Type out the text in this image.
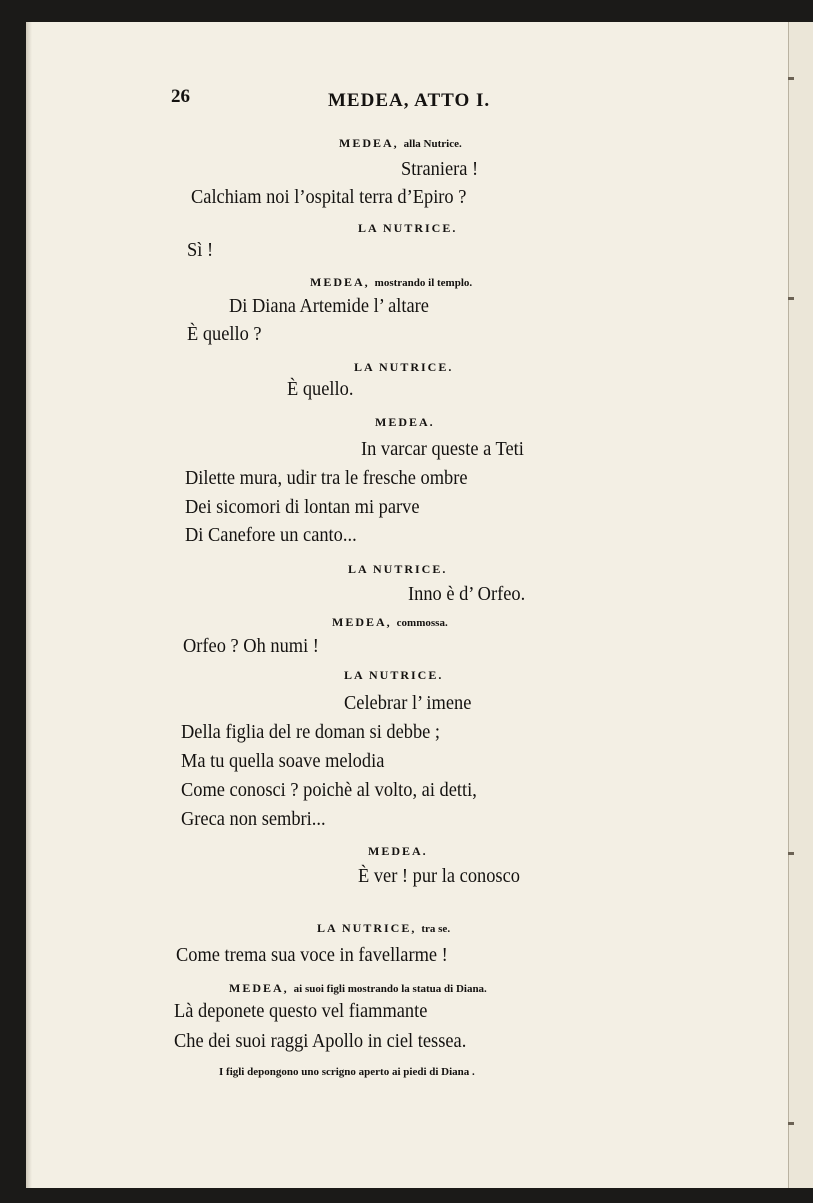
26	MEDEA, ATTO I.
MEDEA, alla Nutrice.
Straniera !
Calchiam noi l’ospital terra d’Epiro ?
LA NUTRICE.
Sì !
MEDEA, mostrando il templo.
Di Diana Artemide l’ altare
È quello ?
LA NUTRICE.
È quello.
MEDEA.
In varcar queste a Teti
Dilette mura, udir tra le fresche ombre
Dei sicomori di lontan mi parve
Di Canefore un canto...
LA NUTRICE.
Inno è d’ Orfeo.
MEDEA, commossa.
Orfeo ? Oh numi !
LA NUTRICE.
Celebrar l’ imene
Della figlia del re doman si debbe ;
Ma tu quella soave melodia
Come conosci ? poichè al volto, ai detti,
Greca non sembri...
MEDEA.
È ver ! pur la conosco
LA NUTRICE, tra se.
Come trema sua voce in favellarme !
MEDEA, ai suoi figli mostrando la statua di Diana.
Là deponete questo vel fiammante
Che dei suoi raggi Apollo in ciel tessea.
I figli depongono uno scrigno aperto ai piedi di Diana .
